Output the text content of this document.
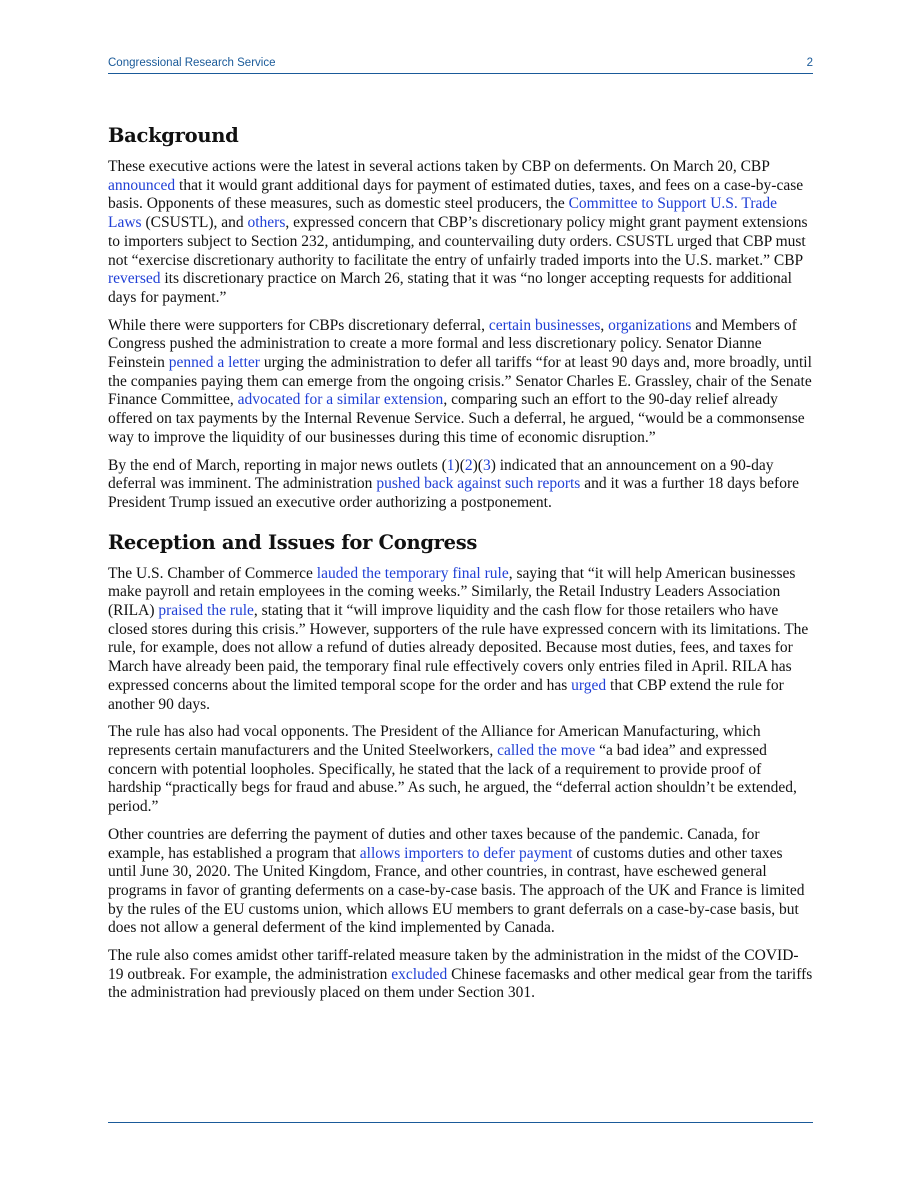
Congressional Research Service	2
Background

These executive actions were the latest in several actions taken by CBP on deferments. On March 20, CBP announced that it would grant additional days for payment of estimated duties, taxes, and fees on a case-by-case basis. Opponents of these measures, such as domestic steel producers, the Committee to Support U.S. Trade Laws (CSUSTL), and others, expressed concern that CBP’s discretionary policy might grant payment extensions to importers subject to Section 232, antidumping, and countervailing duty orders. CSUSTL urged that CBP must not “exercise discretionary authority to facilitate the entry of unfairly traded imports into the U.S. market.” CBP reversed its discretionary practice on March 26, stating that it was “no longer accepting requests for additional days for payment.”

While there were supporters for CBPs discretionary deferral, certain businesses, organizations and Members of Congress pushed the administration to create a more formal and less discretionary policy. Senator Dianne Feinstein penned a letter urging the administration to defer all tariffs “for at least 90 days and, more broadly, until the companies paying them can emerge from the ongoing crisis.” Senator Charles E. Grassley, chair of the Senate Finance Committee, advocated for a similar extension, comparing such an effort to the 90-day relief already offered on tax payments by the Internal Revenue Service. Such a deferral, he argued, “would be a commonsense way to improve the liquidity of our businesses during this time of economic disruption.”

By the end of March, reporting in major news outlets (1)(2)(3) indicated that an announcement on a 90-day deferral was imminent. The administration pushed back against such reports and it was a further 18 days before President Trump issued an executive order authorizing a postponement.

Reception and Issues for Congress

The U.S. Chamber of Commerce lauded the temporary final rule, saying that “it will help American businesses make payroll and retain employees in the coming weeks.” Similarly, the Retail Industry Leaders Association (RILA) praised the rule, stating that it “will improve liquidity and the cash flow for those retailers who have closed stores during this crisis.” However, supporters of the rule have expressed concern with its limitations. The rule, for example, does not allow a refund of duties already deposited. Because most duties, fees, and taxes for March have already been paid, the temporary final rule effectively covers only entries filed in April. RILA has expressed concerns about the limited temporal scope for the order and has urged that CBP extend the rule for another 90 days.

The rule has also had vocal opponents. The President of the Alliance for American Manufacturing, which represents certain manufacturers and the United Steelworkers, called the move “a bad idea” and expressed concern with potential loopholes. Specifically, he stated that the lack of a requirement to provide proof of hardship “practically begs for fraud and abuse.” As such, he argued, the “deferral action shouldn’t be extended, period.”

Other countries are deferring the payment of duties and other taxes because of the pandemic. Canada, for example, has established a program that allows importers to defer payment of customs duties and other taxes until June 30, 2020. The United Kingdom, France, and other countries, in contrast, have eschewed general programs in favor of granting deferments on a case-by-case basis. The approach of the UK and France is limited by the rules of the EU customs union, which allows EU members to grant deferrals on a case-by-case basis, but does not allow a general deferment of the kind implemented by Canada.

The rule also comes amidst other tariff-related measure taken by the administration in the midst of the COVID-19 outbreak. For example, the administration excluded Chinese facemasks and other medical gear from the tariffs the administration had previously placed on them under Section 301.
